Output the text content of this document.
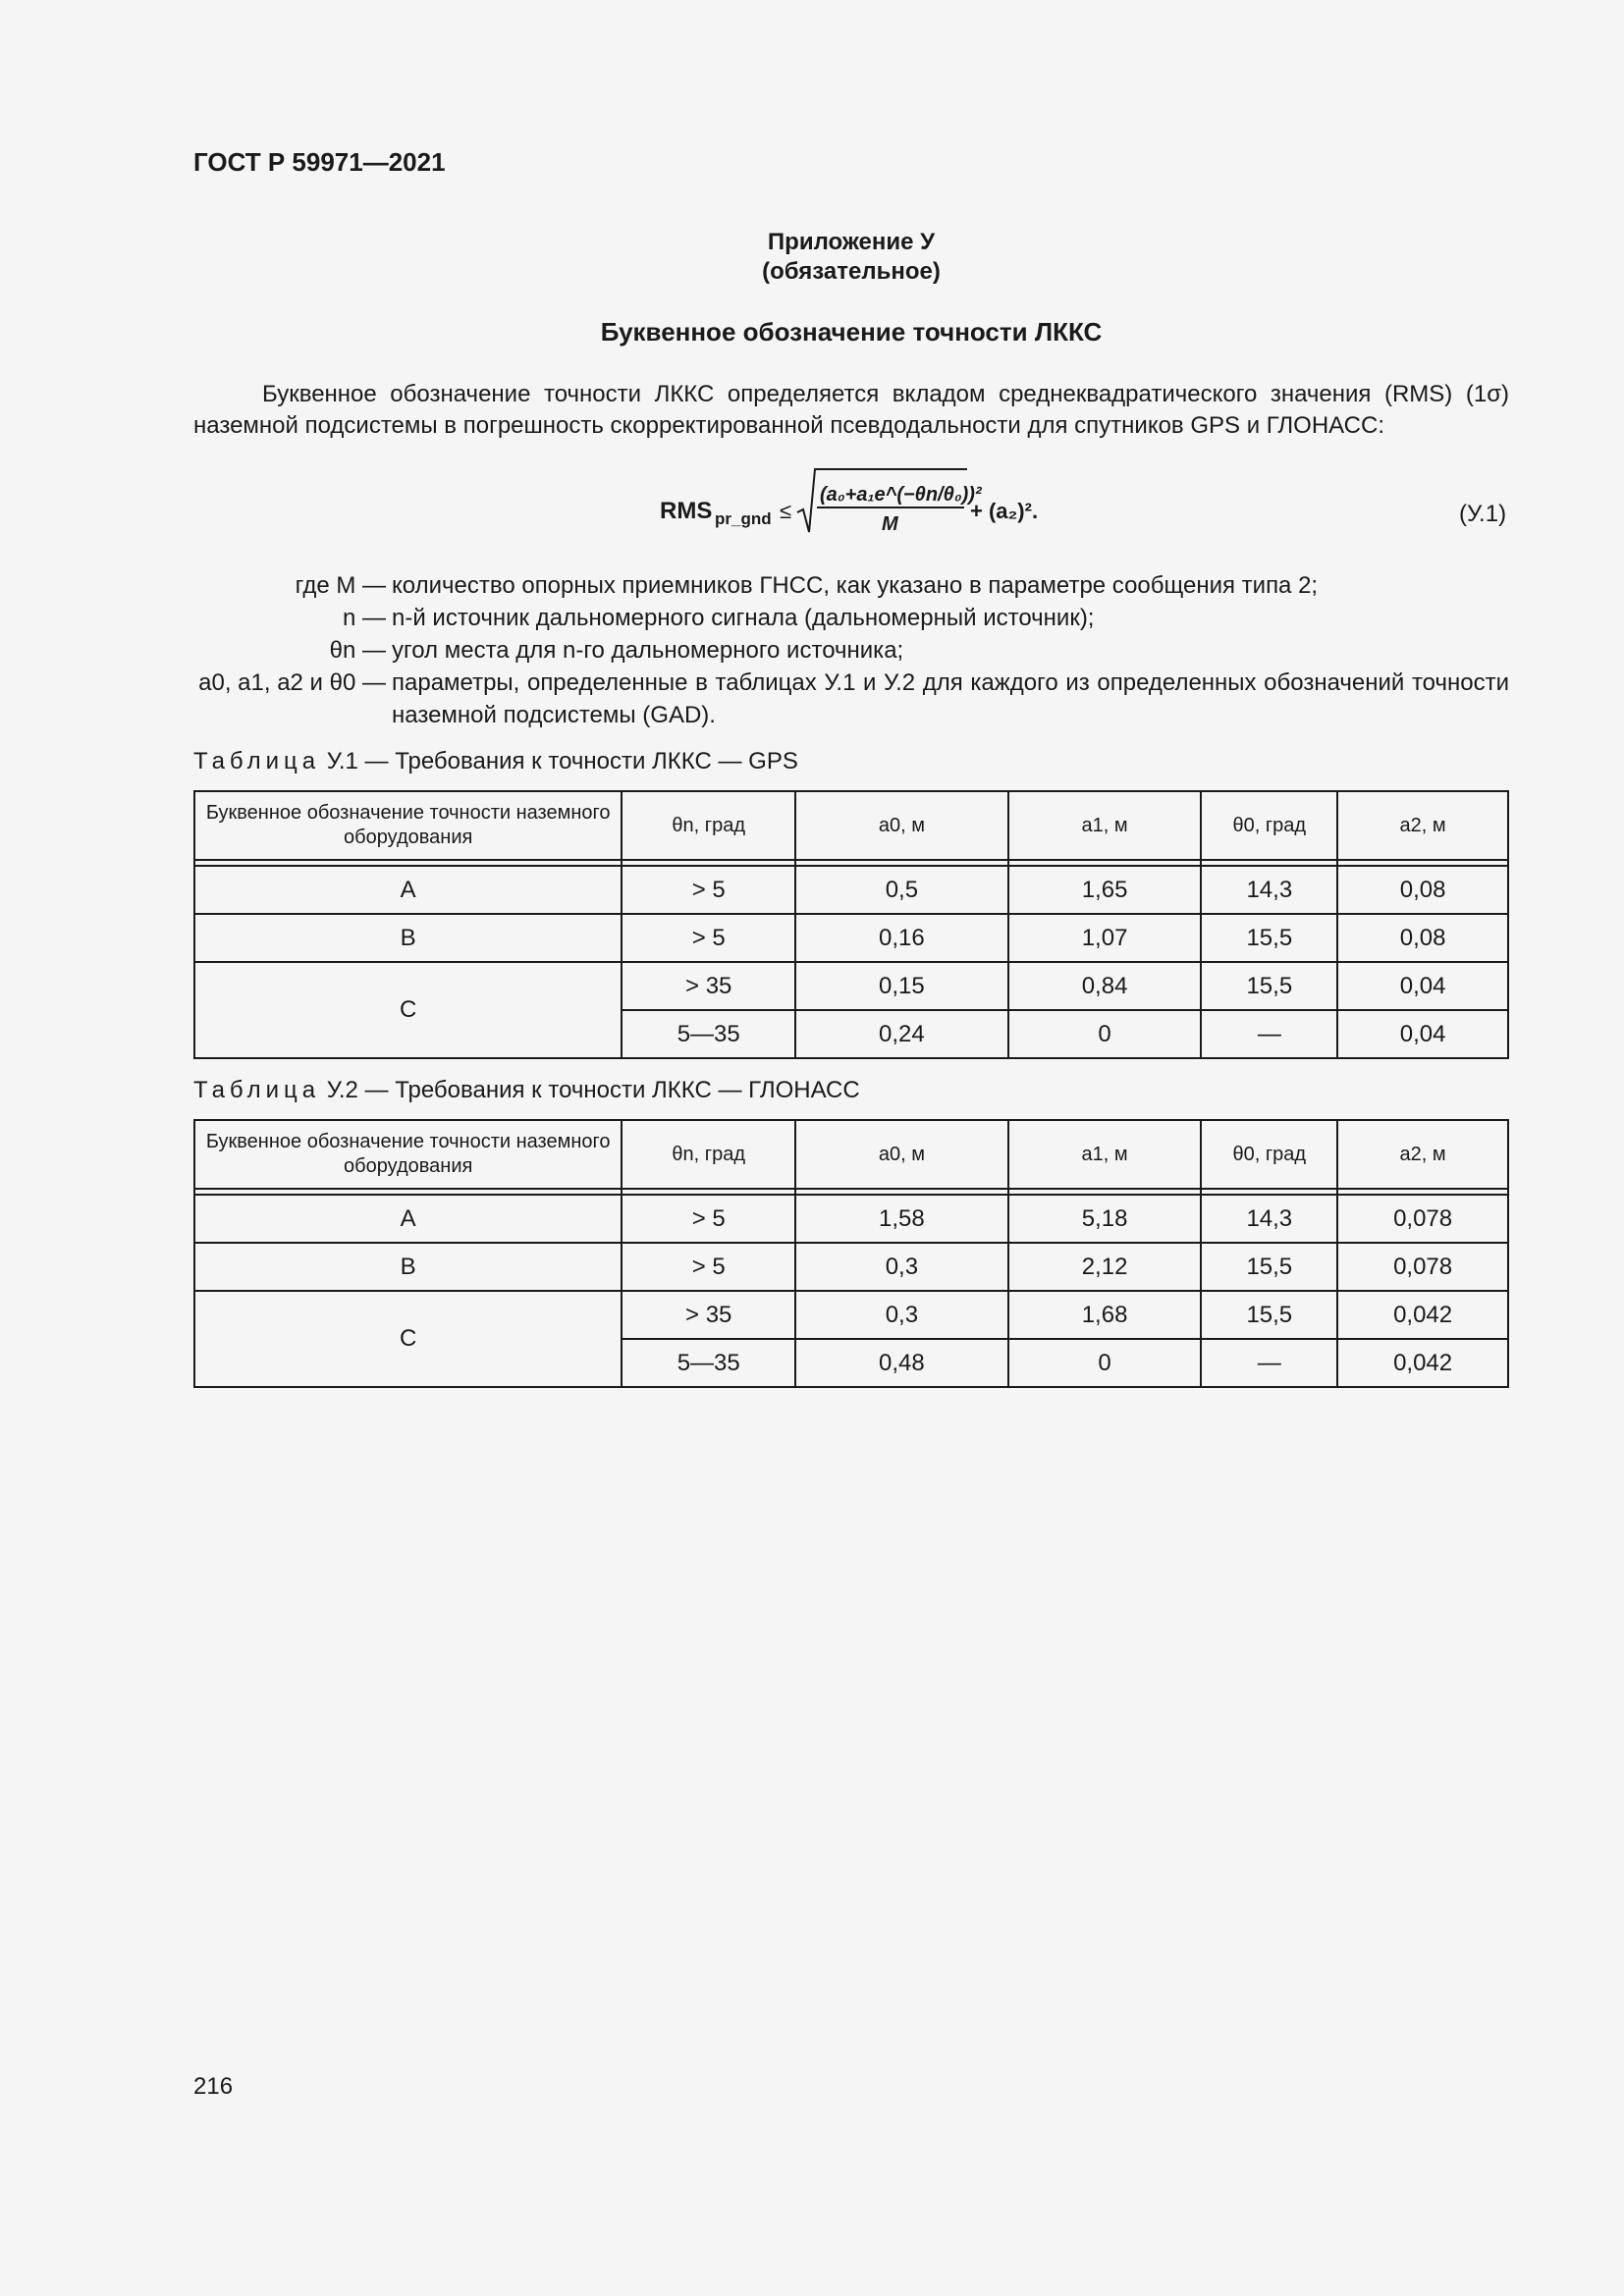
ГОСТ Р 59971—2021
Приложение У
(обязательное)
Буквенное обозначение точности ЛККС
Буквенное обозначение точности ЛККС определяется вкладом среднеквадратического значения (RMS) (1σ) наземной подсистемы в погрешность скорректированной псевдодальности для спутников GPS и ГЛОНАСС:
RMS pr_gnd ≤
(a₀+a₁e^(−θn/θ₀))²
M
+ (a₂)².	(У.1)
где M — количество опорных приемников ГНСС, как указано в параметре сообщения типа 2;
n — n-й источник дальномерного сигнала (дальномерный источник);
θn — угол места для n-го дальномерного источника;
a0, a1, a2 и θ0 — параметры, определенные в таблицах У.1 и У.2 для каждого из определенных обозначений точности наземной подсистемы (GAD).
Таблица У.1 — Требования к точности ЛККС — GPS
Буквенное обозначение точности наземного оборудования	θn, град	a0, м	a1, м	θ0, град	a2, м

A	> 5	0,5	1,65	14,3	0,08
B	> 5	0,16	1,07	15,5	0,08
C	> 35	0,15	0,84	15,5	0,04
	5—35	0,24	0	—	0,04
Таблица У.2 — Требования к точности ЛККС — ГЛОНАСС
Буквенное обозначение точности наземного оборудования	θn, град	a0, м	a1, м	θ0, град	a2, м

A	> 5	1,58	5,18	14,3	0,078
B	> 5	0,3	2,12	15,5	0,078
C	> 35	0,3	1,68	15,5	0,042
	5—35	0,48	0	—	0,042
216
